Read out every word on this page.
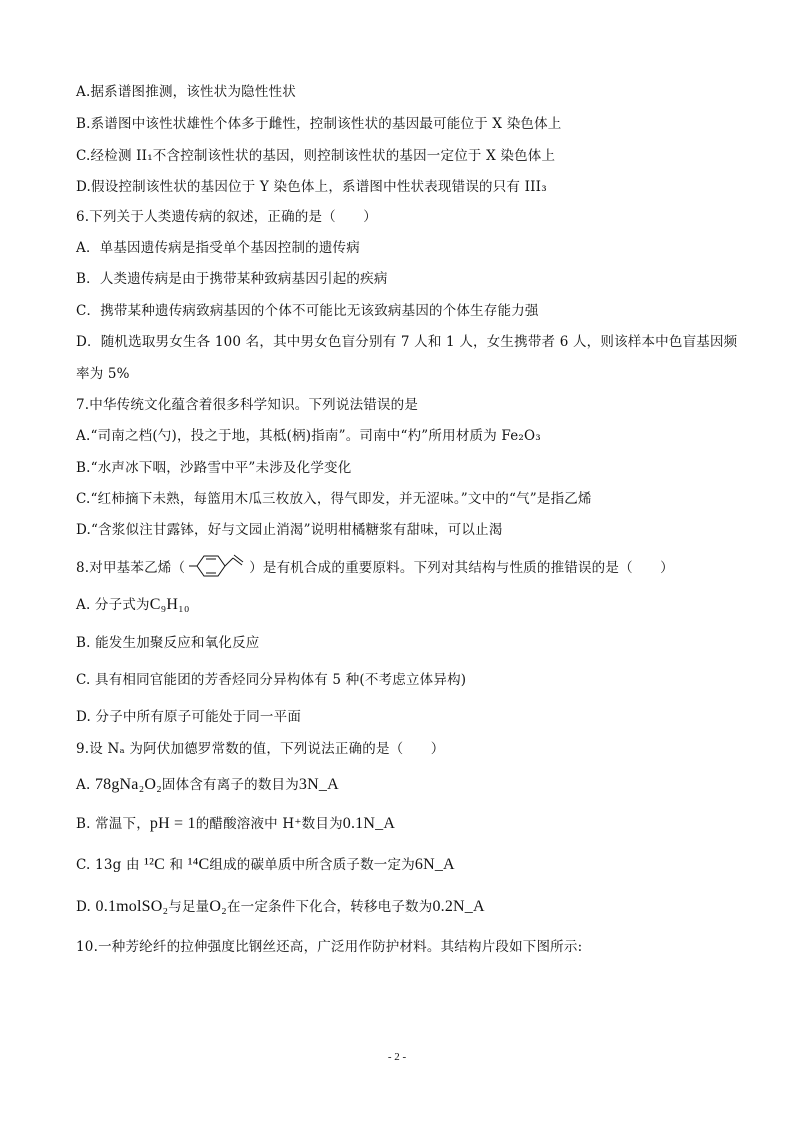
A.据系谱图推测，该性状为隐性性状
B.系谱图中该性状雄性个体多于雌性，控制该性状的基因最可能位于 X 染色体上
C.经检测 II₁不含控制该性状的基因，则控制该性状的基因一定位于 X 染色体上
D.假设控制该性状的基因位于 Y 染色体上，系谱图中性状表现错误的只有 III₃
6.下列关于人类遗传病的叙述，正确的是（　　）
A．单基因遗传病是指受单个基因控制的遗传病
B．人类遗传病是由于携带某种致病基因引起的疾病
C．携带某种遗传病致病基因的个体不可能比无该致病基因的个体生存能力强
D．随机选取男女生各 100 名，其中男女色盲分别有 7 人和 1 人，女生携带者 6 人，则该样本中色盲基因频
率为 5%
7.中华传统文化蕴含着很多科学知识。下列说法错误的是
A.“司南之档(勺)，投之于地，其柢(柄)指南”。司南中“杓”所用材质为 Fe₂O₃
B.“水声冰下咽，沙路雪中平”未涉及化学变化
C.“红柿摘下未熟，每篮用木瓜三枚放入，得气即发，并无涩味。”文中的“气”是指乙烯
D.“含浆似注甘露钵，好与文园止消渴”说明柑橘糖浆有甜味，可以止渴
8.对甲基苯乙烯（	）是有机合成的重要原料。下列对其结构与性质的推错误的是（　　）
A. 分子式为C₉H₁₀
B. 能发生加聚反应和氧化反应
C. 具有相同官能团的芳香烃同分异构体有 5 种(不考虑立体异构)
D. 分子中所有原子可能处于同一平面
9.设 Nₐ 为阿伏加德罗常数的值，下列说法正确的是（　　）
A. 78gNa₂O₂固体含有离子的数目为3N_A
B. 常温下，pH = 1的醋酸溶液中 H⁺数目为0.1N_A
C. 13g 由 ¹²C 和 ¹⁴C组成的碳单质中所含质子数一定为6N_A
D. 0.1molSO₂与足量O₂在一定条件下化合，转移电子数为0.2N_A
10.一种芳纶纤的拉伸强度比钢丝还高，广泛用作防护材料。其结构片段如下图所示:
- 2 -
